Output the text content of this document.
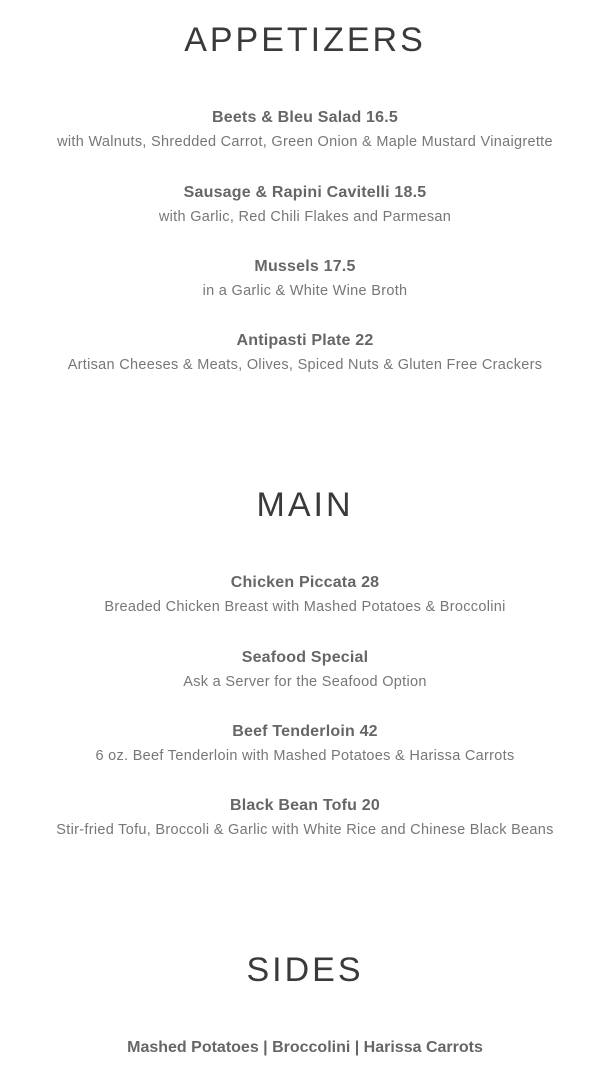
APPETIZERS
Beets & Bleu Salad 16.5
with Walnuts, Shredded Carrot, Green Onion & Maple Mustard Vinaigrette
Sausage & Rapini Cavitelli 18.5
with Garlic, Red Chili Flakes and Parmesan
Mussels 17.5
in a Garlic & White Wine Broth
Antipasti Plate 22
Artisan Cheeses & Meats, Olives, Spiced Nuts & Gluten Free Crackers
MAIN
Chicken Piccata 28
Breaded Chicken Breast with Mashed Potatoes & Broccolini
Seafood Special
Ask a Server for the Seafood Option
Beef Tenderloin 42
6 oz. Beef Tenderloin with Mashed Potatoes & Harissa Carrots
Black Bean Tofu 20
Stir-fried Tofu, Broccoli & Garlic with White Rice and Chinese Black Beans
SIDES
Mashed Potatoes | Broccolini | Harissa Carrots
